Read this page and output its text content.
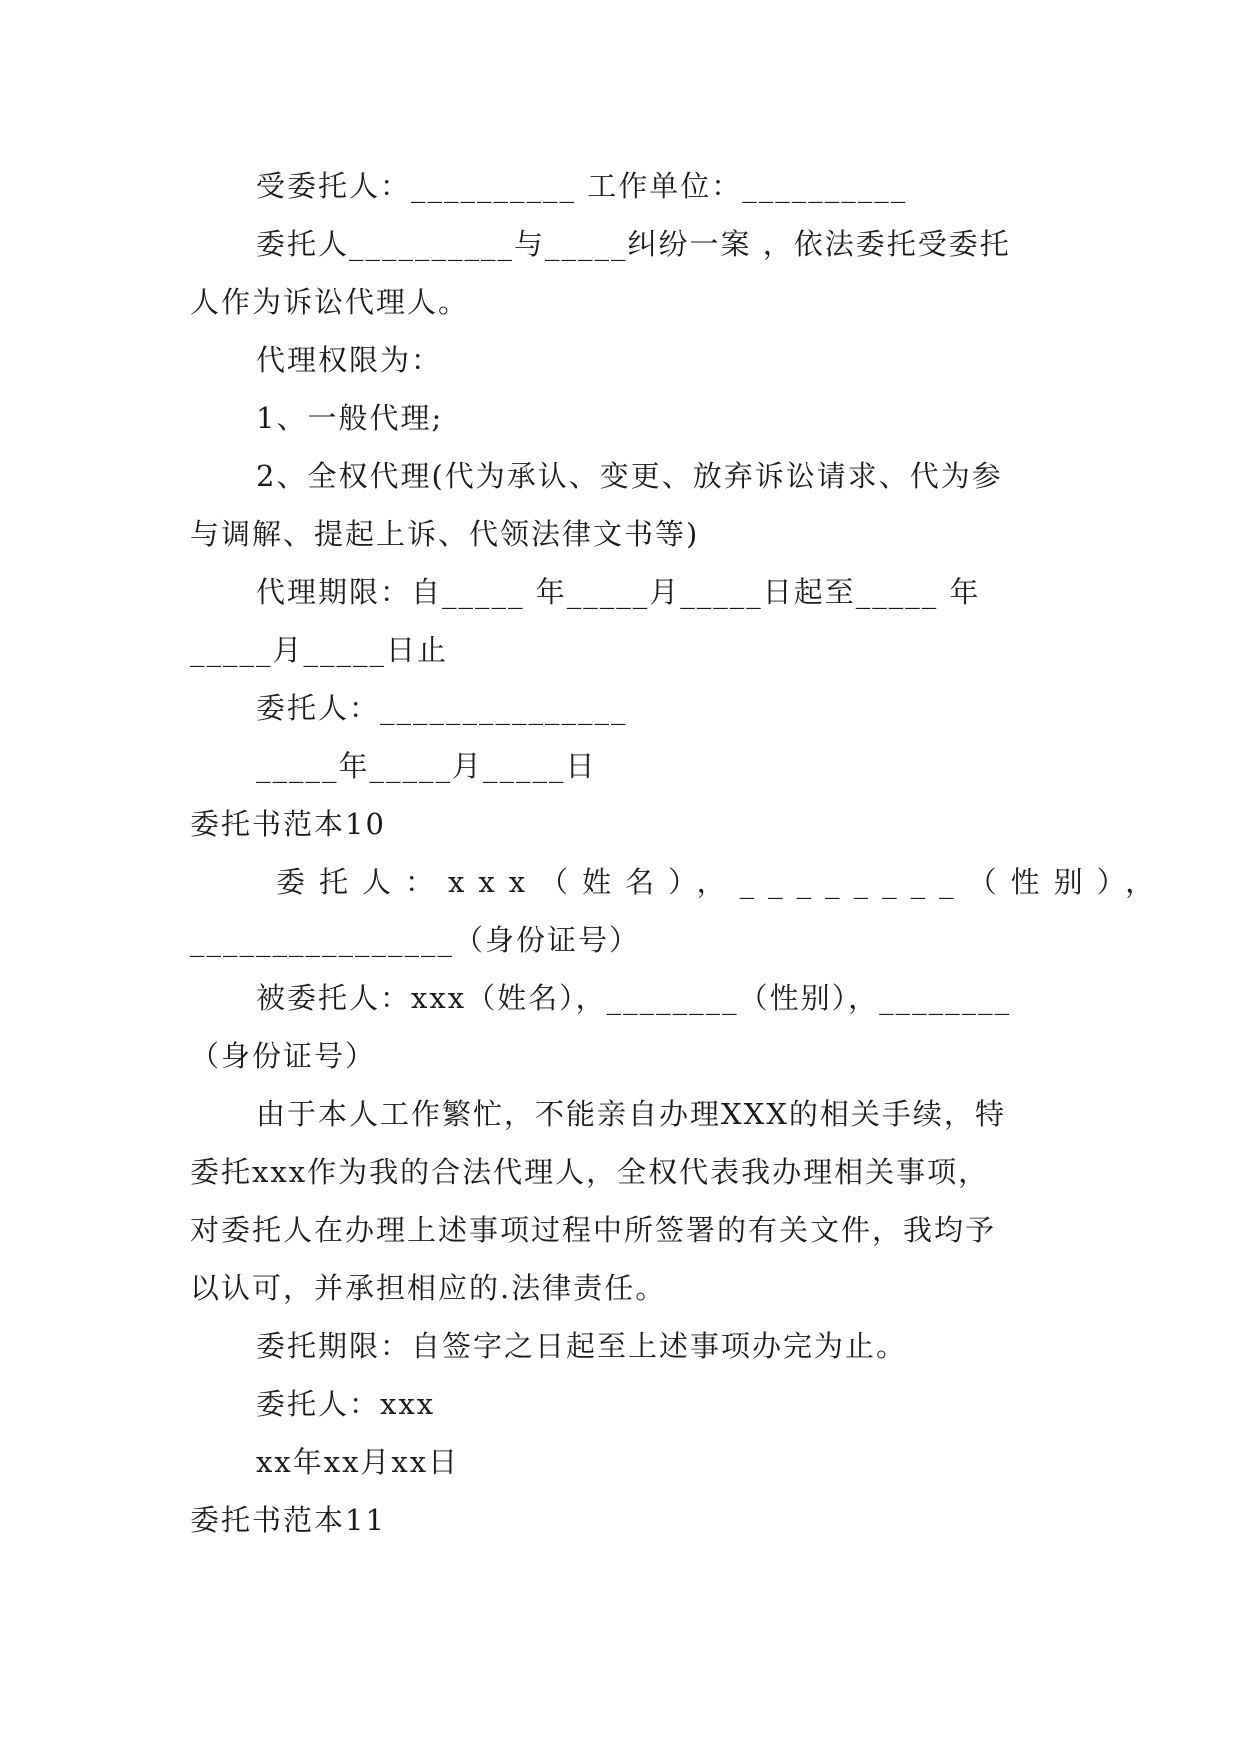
受委托人：__________ 工作单位：__________
委托人__________与_____纠纷一案 ，依法委托受委托
人作为诉讼代理人。
代理权限为：
1、一般代理;
2、全权代理(代为承认、变更、放弃诉讼请求、代为参
与调解、提起上诉、代领法律文书等)
代理期限：自_____ 年_____月_____日起至_____ 年
_____月_____日止
委托人：_______________
_____年_____月_____日
委托书范本10
委托人：xxx（姓名），________（性别），
________________（身份证号）
被委托人：xxx（姓名），________（性别），________
（身份证号）
由于本人工作繁忙，不能亲自办理XXX的相关手续，特
委托xxx作为我的合法代理人，全权代表我办理相关事项，
对委托人在办理上述事项过程中所签署的有关文件，我均予
以认可，并承担相应的.法律责任。
委托期限：自签字之日起至上述事项办完为止。
委托人：xxx
xx年xx月xx日
委托书范本11
